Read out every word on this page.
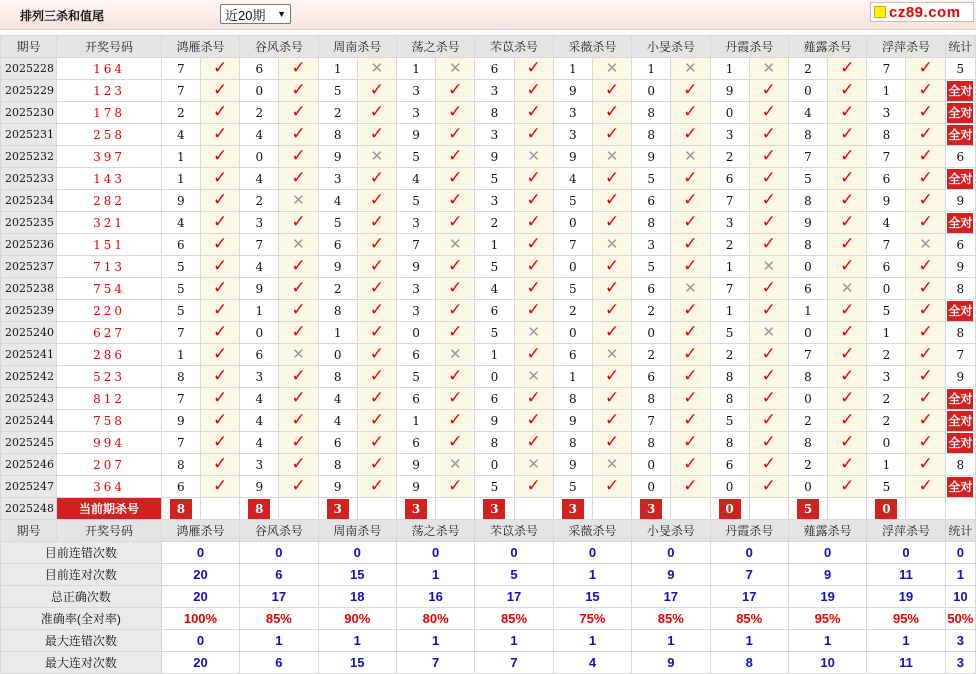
排列三杀和值尾	近20期 ▼	cz89.com
期号	开奖号码	鸿雁杀号		谷风杀号		周南杀号		荡之杀号		芣苡杀号		采薇杀号		小旻杀号		丹霞杀号		薤露杀号		浮萍杀号		统计
2025228	164	7	✓	6	✓	1	✕	1	✕	6	✓	1	✕	1	✕	1	✕	2	✓	7	✓	5
2025229	123	7	✓	0	✓	5	✓	3	✓	3	✓	9	✓	0	✓	9	✓	0	✓	1	✓	全对
2025230	178	2	✓	2	✓	2	✓	3	✓	8	✓	3	✓	8	✓	0	✓	4	✓	3	✓	全对
2025231	258	4	✓	4	✓	8	✓	9	✓	3	✓	3	✓	8	✓	3	✓	8	✓	8	✓	全对
2025232	397	1	✓	0	✓	9	✕	5	✓	9	✕	9	✕	9	✕	2	✓	7	✓	7	✓	6
2025233	143	1	✓	4	✓	3	✓	4	✓	5	✓	4	✓	5	✓	6	✓	5	✓	6	✓	全对
2025234	282	9	✓	2	✕	4	✓	5	✓	3	✓	5	✓	6	✓	7	✓	8	✓	9	✓	9
2025235	321	4	✓	3	✓	5	✓	3	✓	2	✓	0	✓	8	✓	3	✓	9	✓	4	✓	全对
2025236	151	6	✓	7	✕	6	✓	7	✕	1	✓	7	✕	3	✓	2	✓	8	✓	7	✕	6
2025237	713	5	✓	4	✓	9	✓	9	✓	5	✓	0	✓	5	✓	1	✕	0	✓	6	✓	9
2025238	754	5	✓	9	✓	2	✓	3	✓	4	✓	5	✓	6	✕	7	✓	6	✕	0	✓	8
2025239	220	5	✓	1	✓	8	✓	3	✓	6	✓	2	✓	2	✓	1	✓	1	✓	5	✓	全对
2025240	627	7	✓	0	✓	1	✓	0	✓	5	✕	0	✓	0	✓	5	✕	0	✓	1	✓	8
2025241	286	1	✓	6	✕	0	✓	6	✕	1	✓	6	✕	2	✓	2	✓	7	✓	2	✓	7
2025242	523	8	✓	3	✓	8	✓	5	✓	0	✕	1	✓	6	✓	8	✓	8	✓	3	✓	9
2025243	812	7	✓	4	✓	4	✓	6	✓	6	✓	8	✓	8	✓	8	✓	0	✓	2	✓	全对
2025244	758	9	✓	4	✓	4	✓	1	✓	9	✓	9	✓	7	✓	5	✓	2	✓	2	✓	全对
2025245	994	7	✓	4	✓	6	✓	6	✓	8	✓	8	✓	8	✓	8	✓	8	✓	0	✓	全对
2025246	207	8	✓	3	✓	8	✓	9	✕	0	✕	9	✕	0	✓	6	✓	2	✓	1	✓	8
2025247	364	6	✓	9	✓	9	✓	9	✓	5	✓	5	✓	0	✓	0	✓	0	✓	5	✓	全对
2025248	当前期杀号	8		8		3		3		3		3		3		0		5		0		
期号	开奖号码	鸿雁杀号		谷风杀号		周南杀号		荡之杀号		芣苡杀号		采薇杀号		小旻杀号		丹霞杀号		薤露杀号		浮萍杀号		统计
目前连错次数		0		0		0		0		0		0		0		0		0		0		0
目前连对次数		20		6		15		1		5		1		9		7		9		11		1
总正确次数		20		17		18		16		17		15		17		17		19		19		10
准确率(全对率)		100%		85%		90%		80%		85%		75%		85%		85%		95%		95%		50%
最大连错次数		0		1		1		1		1		1		1		1		1		1		3
最大连对次数		20		6		15		7		7		4		9		8		10		11		3
